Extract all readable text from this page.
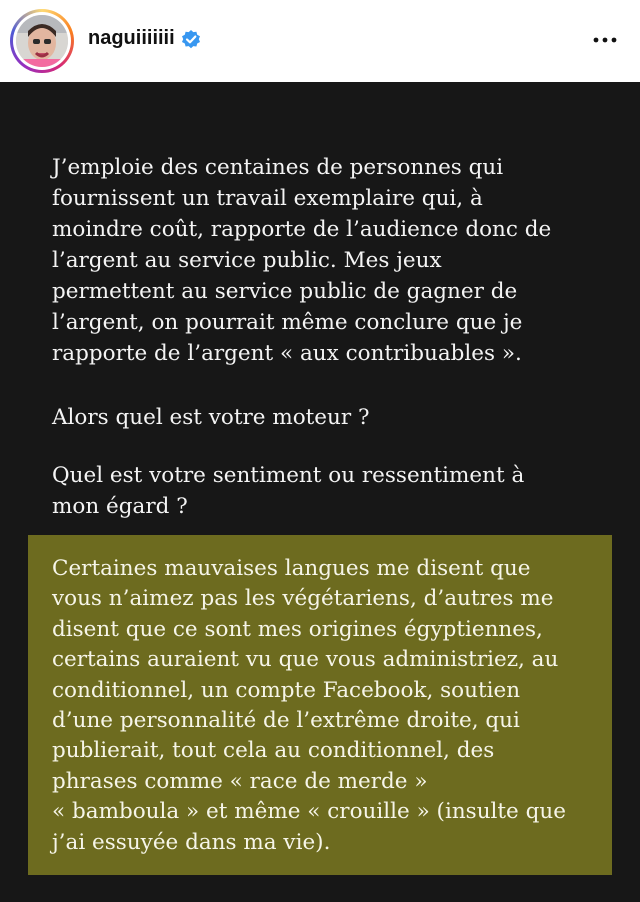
naguiiiiiii
J’emploie des centaines de personnes qui
fournissent un travail exemplaire qui, à
moindre coût, rapporte de l’audience donc de
l’argent au service public. Mes jeux
permettent au service public de gagner de
l’argent, on pourrait même conclure que je
rapporte de l’argent « aux contribuables ».
Alors quel est votre moteur ?
Quel est votre sentiment ou ressentiment à
mon égard ?
Certaines mauvaises langues me disent que
vous n’aimez pas les végétariens, d’autres me
disent que ce sont mes origines égyptiennes,
certains auraient vu que vous administriez, au
conditionnel, un compte Facebook, soutien
d’une personnalité de l’extrême droite, qui
publierait, tout cela au conditionnel, des
phrases comme « race de merde »
« bamboula » et même « crouille » (insulte que
j’ai essuyée dans ma vie).
